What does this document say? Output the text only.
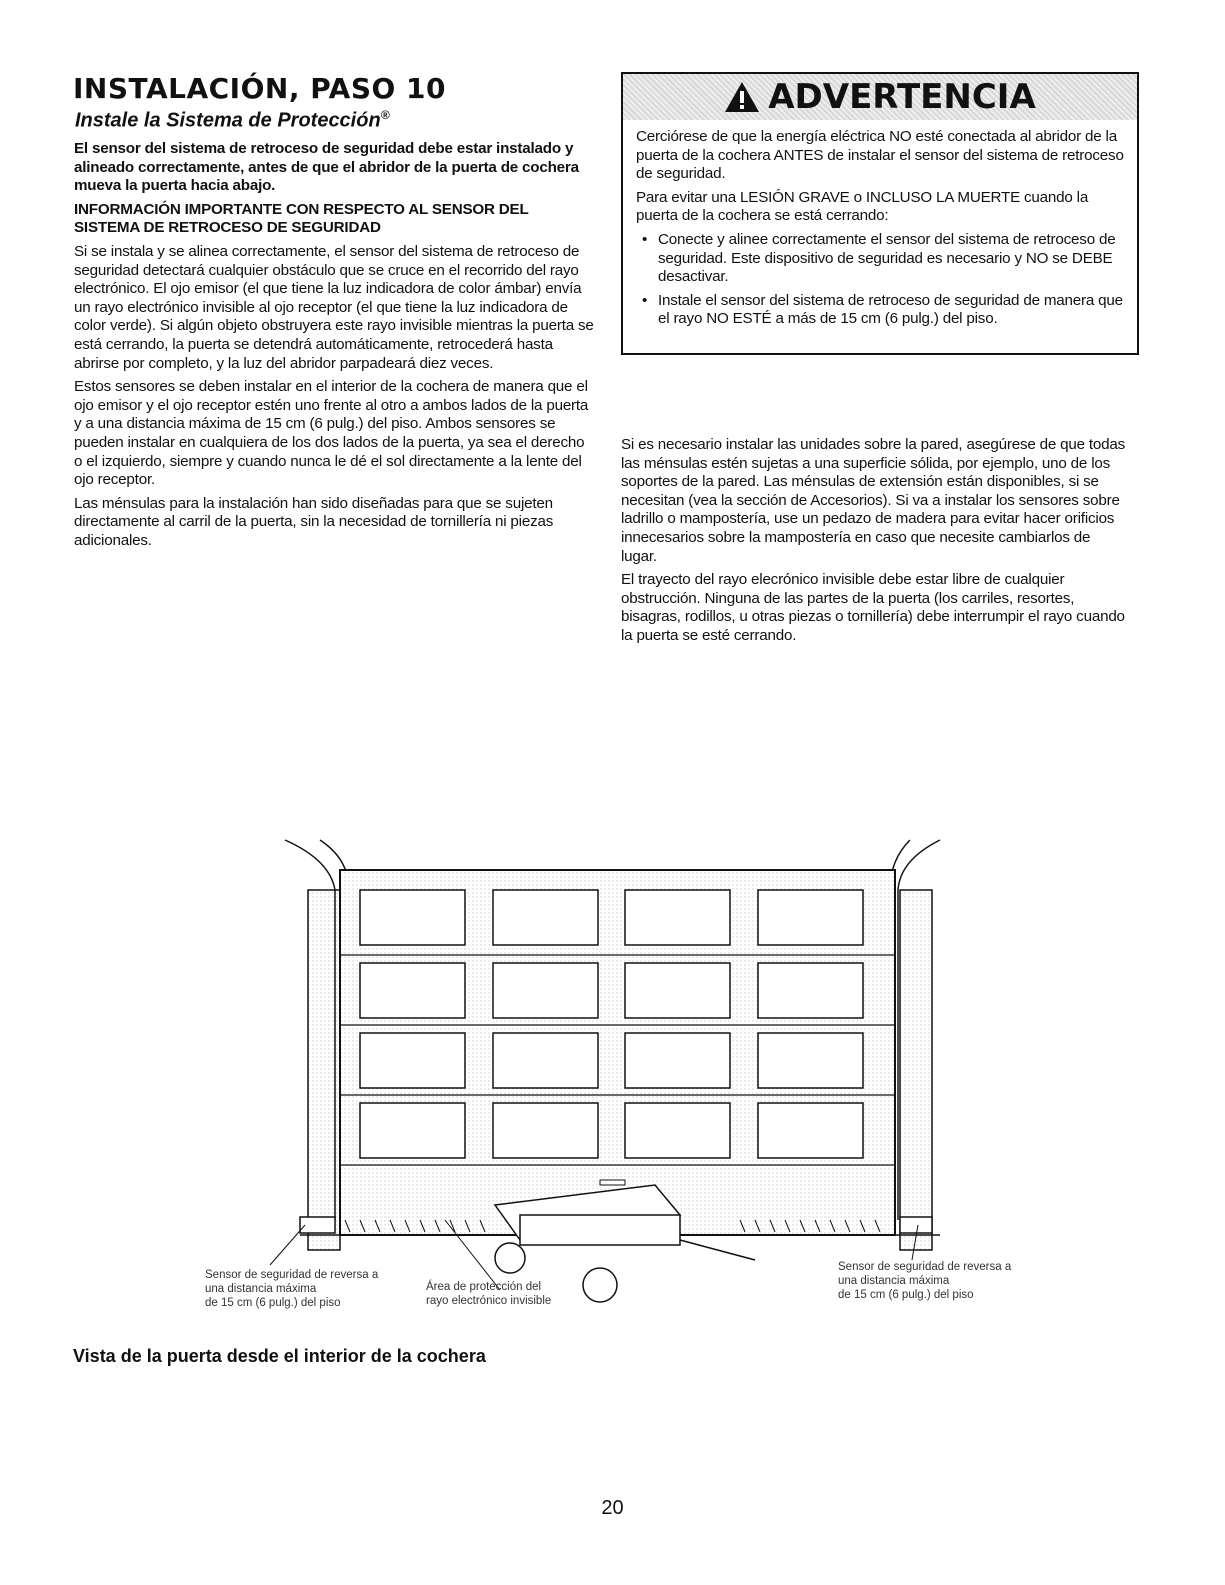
INSTALACIÓN, PASO 10
Instale la Sistema de Protección®

El sensor del sistema de retroceso de seguridad debe estar instalado y alineado correctamente, antes de que el abridor de la puerta de cochera mueva la puerta hacia abajo.

INFORMACIÓN IMPORTANTE CON RESPECTO AL SENSOR DEL SISTEMA DE RETROCESO DE SEGURIDAD

Si se instala y se alinea correctamente, el sensor del sistema de retroceso de seguridad detectará cualquier obstáculo que se cruce en el recorrido del rayo electrónico. El ojo emisor (el que tiene la luz indicadora de color ámbar) envía un rayo electrónico invisible al ojo receptor (el que tiene la luz indicadora de color verde). Si algún objeto obstruyera este rayo invisible mientras la puerta se está cerrando, la puerta se detendrá automáticamente, retrocederá hasta abrirse por completo, y la luz del abridor parpadeará diez veces.

Estos sensores se deben instalar en el interior de la cochera de manera que el ojo emisor y el ojo receptor estén uno frente al otro a ambos lados de la puerta y a una distancia máxima de 15 cm (6 pulg.) del piso. Ambos sensores se pueden instalar en cualquiera de los dos lados de la puerta, ya sea el derecho o el izquierdo, siempre y cuando nunca le dé el sol directamente a la lente del ojo receptor.

Las ménsulas para la instalación han sido diseñadas para que se sujeten directamente al carril de la puerta, sin la necesidad de tornillería ni piezas adicionales.

ADVERTENCIA

Cerciórese de que la energía eléctrica NO esté conectada al abridor de la puerta de la cochera ANTES de instalar el sensor del sistema de retroceso de seguridad.

Para evitar una LESIÓN GRAVE o INCLUSO LA MUERTE cuando la puerta de la cochera se está cerrando:

• Conecte y alinee correctamente el sensor del sistema de retroceso de seguridad. Este dispositivo de seguridad es necesario y NO se DEBE desactivar.
• Instale el sensor del sistema de retroceso de seguridad de manera que el rayo NO ESTÉ a más de 15 cm (6 pulg.) del piso.

Si es necesario instalar las unidades sobre la pared, asegúrese de que todas las ménsulas estén sujetas a una superficie sólida, por ejemplo, uno de los soportes de la pared. Las ménsulas de extensión están disponibles, si se necesitan (vea la sección de Accesorios). Si va a instalar los sensores sobre ladrillo o mampostería, use un pedazo de madera para evitar hacer orificios innecesarios sobre la mampostería en caso que necesite cambiarlos de lugar.

El trayecto del rayo elecrónico invisible debe estar libre de cualquier obstrucción. Ninguna de las partes de la puerta (los carriles, resortes, bisagras, rodillos, u otras piezas o tornillería) debe interrumpir el rayo cuando la puerta se esté cerrando.

Sensor de seguridad de reversa a
una distancia máxima
de 15 cm (6 pulg.) del piso
Área de protección del
rayo electrónico invisible
Sensor de seguridad de reversa a
una distancia máxima
de 15 cm (6 pulg.) del piso
Vista de la puerta desde el interior de la cochera
20
